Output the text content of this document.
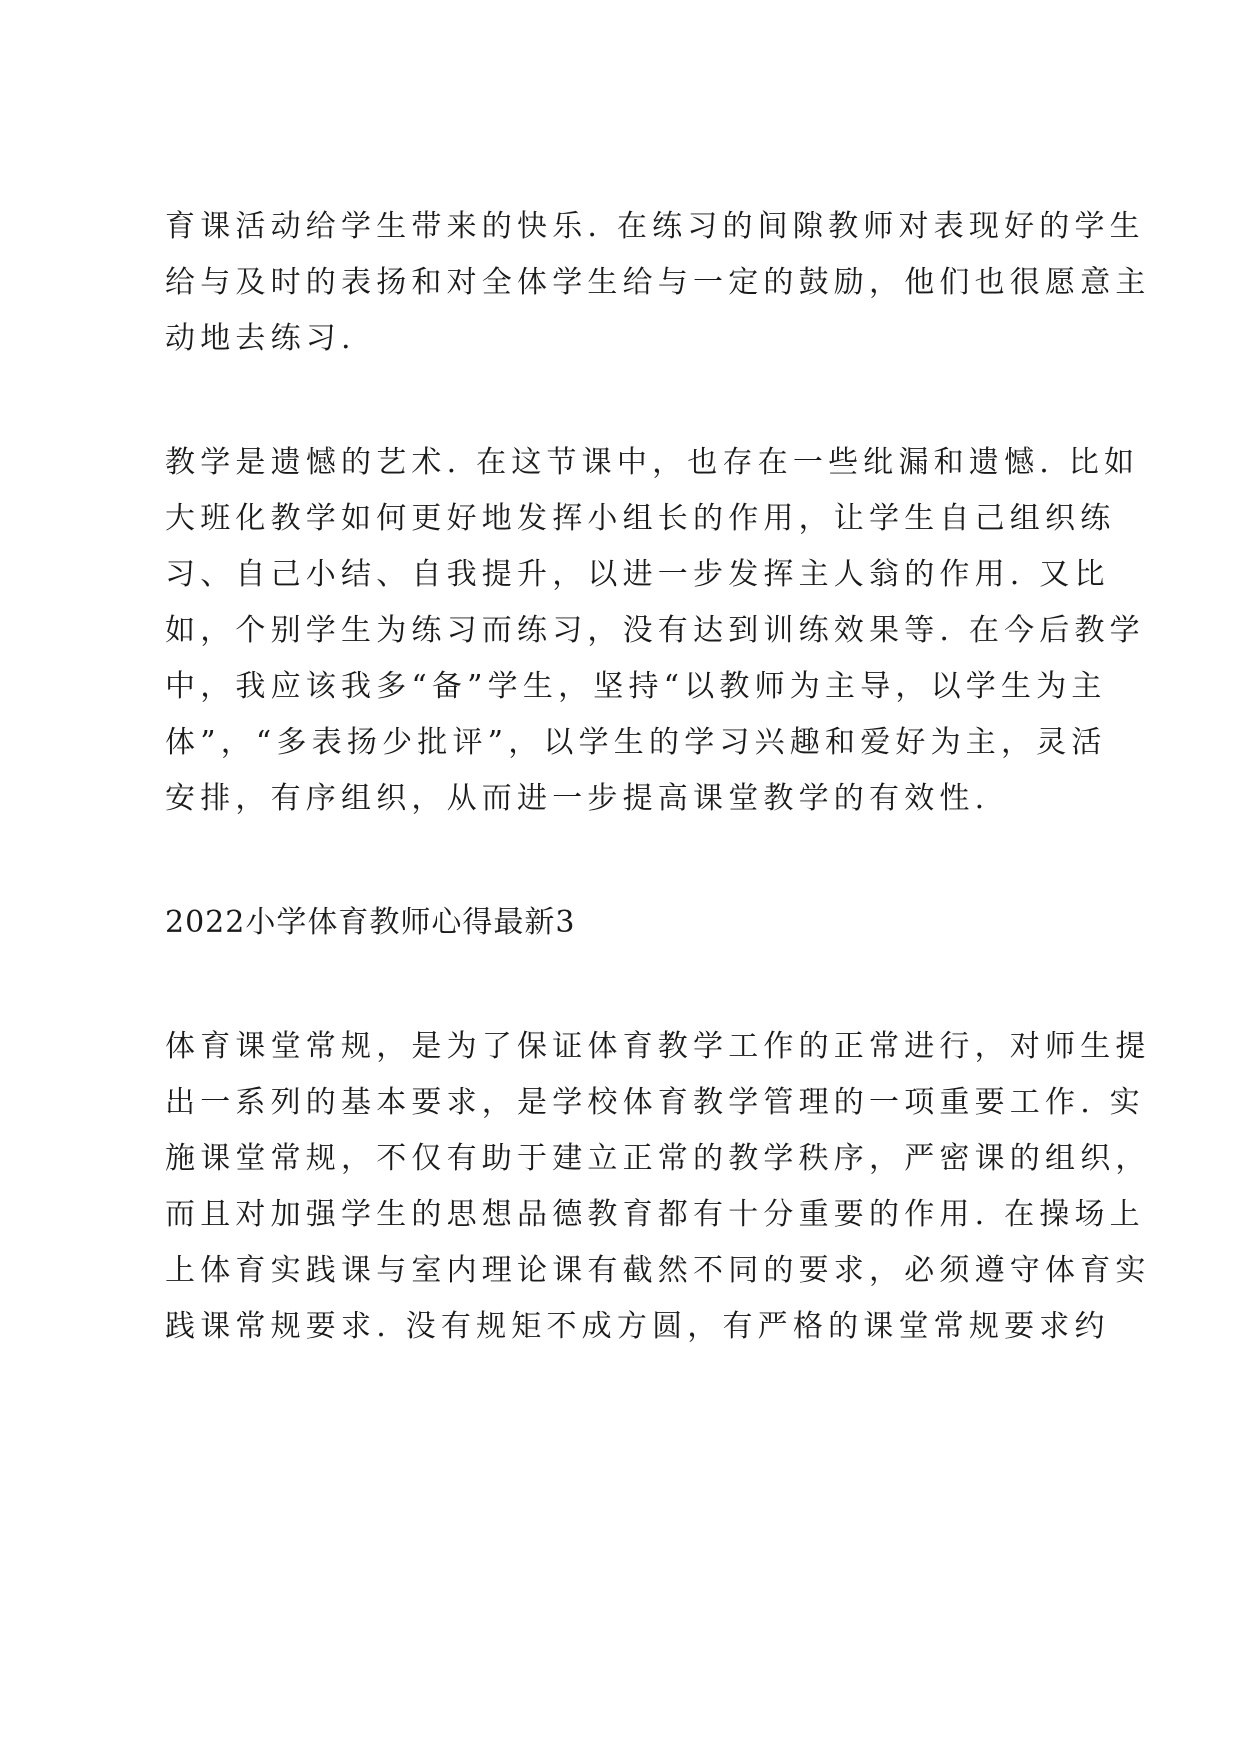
育课活动给学生带来的快乐. 在练习的间隙教师对表现好的学生
给与及时的表扬和对全体学生给与一定的鼓励，他们也很愿意主
动地去练习.
教学是遗憾的艺术. 在这节课中，也存在一些纰漏和遗憾. 比如
大班化教学如何更好地发挥小组长的作用，让学生自己组织练
习、自己小结、自我提升，以进一步发挥主人翁的作用. 又比
如，个别学生为练习而练习，没有达到训练效果等. 在今后教学
中，我应该我多“备”学生，坚持“以教师为主导，以学生为主
体”，“多表扬少批评”，以学生的学习兴趣和爱好为主，灵活
安排，有序组织，从而进一步提高课堂教学的有效性.
2022小学体育教师心得最新3
体育课堂常规，是为了保证体育教学工作的正常进行，对师生提
出一系列的基本要求，是学校体育教学管理的一项重要工作. 实
施课堂常规，不仅有助于建立正常的教学秩序，严密课的组织，
而且对加强学生的思想品德教育都有十分重要的作用. 在操场上
上体育实践课与室内理论课有截然不同的要求，必须遵守体育实
践课常规要求. 没有规矩不成方圆，有严格的课堂常规要求约
